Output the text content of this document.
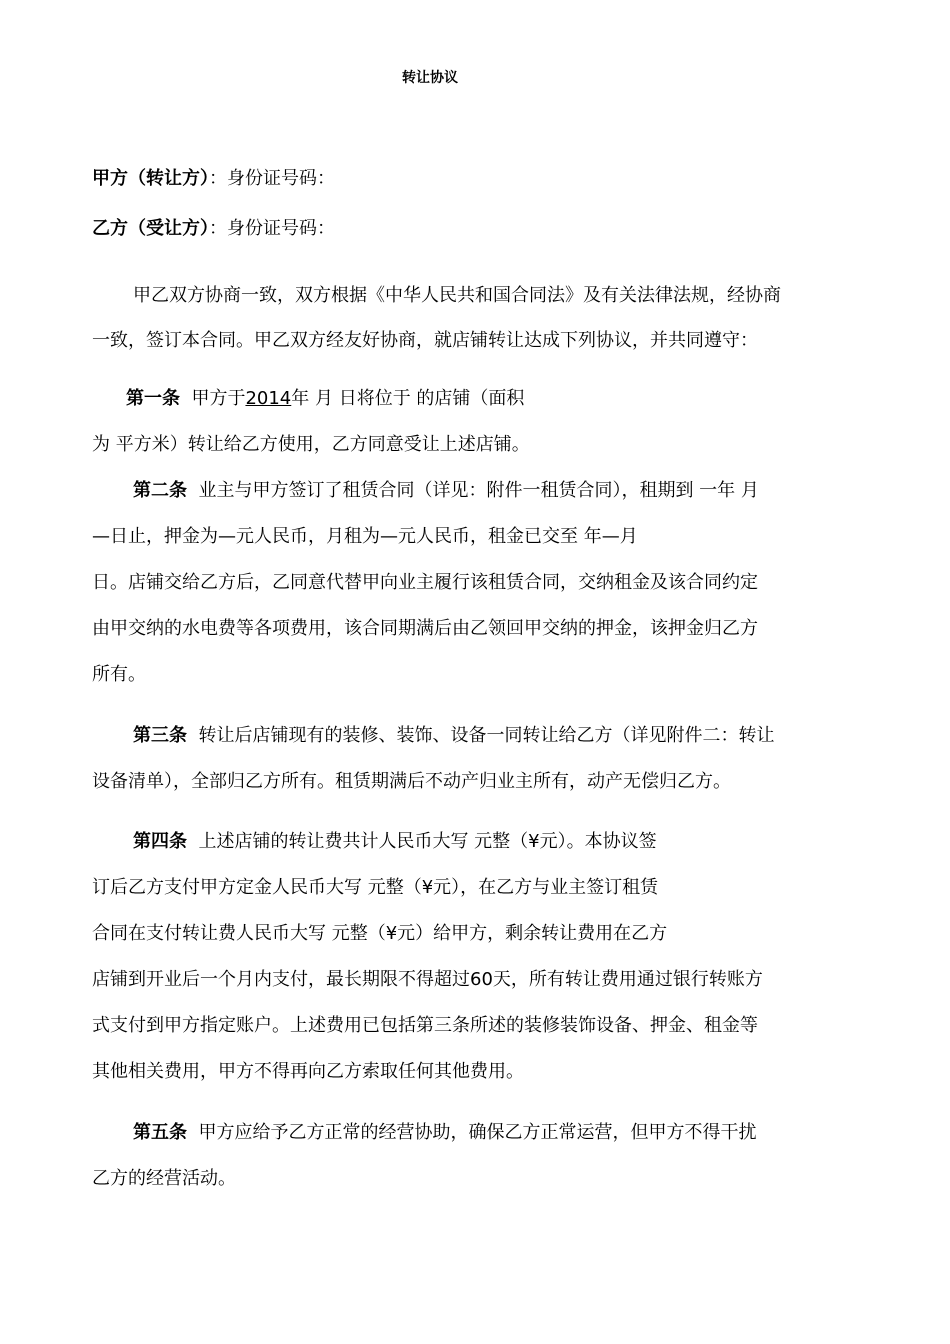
转让协议
甲方（转让方）：身份证号码：
乙方（受让方）：身份证号码：
甲乙双方协商一致，双方根据《中华人民共和国合同法》及有关法律法规，经协商
一致，签订本合同。甲乙双方经友好协商，就店铺转让达成下列协议，并共同遵守：
第一条 甲方于2014年 月 日将位于 的店铺（面积
为 平方米）转让给乙方使用，乙方同意受让上述店铺。
第二条 业主与甲方签订了租赁合同（详见：附件一租赁合同），租期到 一年 月
—日止，押金为—元人民币，月租为—元人民币，租金已交至 年—月
日。店铺交给乙方后，乙同意代替甲向业主履行该租赁合同，交纳租金及该合同约定
由甲交纳的水电费等各项费用，该合同期满后由乙领回甲交纳的押金，该押金归乙方
所有。
第三条 转让后店铺现有的装修、装饰、设备一同转让给乙方（详见附件二：转让
设备清单），全部归乙方所有。租赁期满后不动产归业主所有，动产无偿归乙方。
第四条 上述店铺的转让费共计人民币大写 元整（¥元）。本协议签
订后乙方支付甲方定金人民币大写 元整（¥元），在乙方与业主签订租赁
合同在支付转让费人民币大写 元整（¥元）给甲方，剩余转让费用在乙方
店铺到开业后一个月内支付，最长期限不得超过60天，所有转让费用通过银行转账方
式支付到甲方指定账户。上述费用已包括第三条所述的装修装饰设备、押金、租金等
其他相关费用，甲方不得再向乙方索取任何其他费用。
第五条 甲方应给予乙方正常的经营协助，确保乙方正常运营，但甲方不得干扰
乙方的经营活动。
